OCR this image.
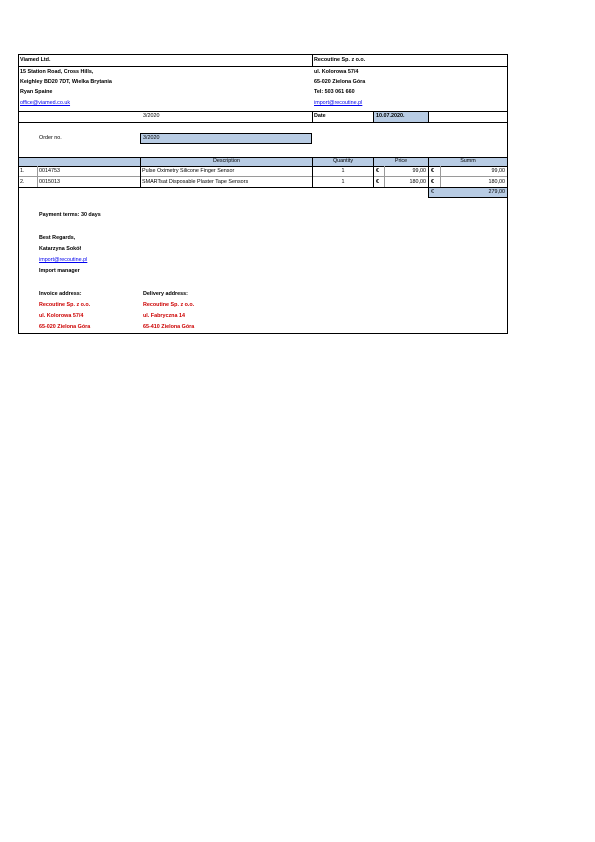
Viamed Ltd.
15 Station Road, Cross Hills,
Keighley BD20 7DT, Wielka Brytania
Ryan Spaine
office@viamed.co.uk
Recoutine Sp. z o.o.
ul. Kolorowa 57/4
65-020 Zielona Góra
Tel: 503 061 660
import@recoutine.pl
3/2020	Date	10.07.2020.
Order no.	3/2020
Description	Quantity	Price	Summ
1.	0014753	Pulse Oximetry Silicone Finger Sensor	1	€	99,00 €	99,00
2.	0015013	SMARTsat Disposable Plaster Tape Sensors	1	€	180,00 €	180,00
€	279,00
Payment terms: 30 days
Best Regards,
Katarzyna Sokół
import@recoutine.pl
Import manager
Invoice address:
Recoutine Sp. z o.o.
ul. Kolorowa 57/4
65-020 Zielona Góra
Delivery address:
Recoutine Sp. z o.o.
ul. Fabryczna 14
65-410 Zielona Góra
